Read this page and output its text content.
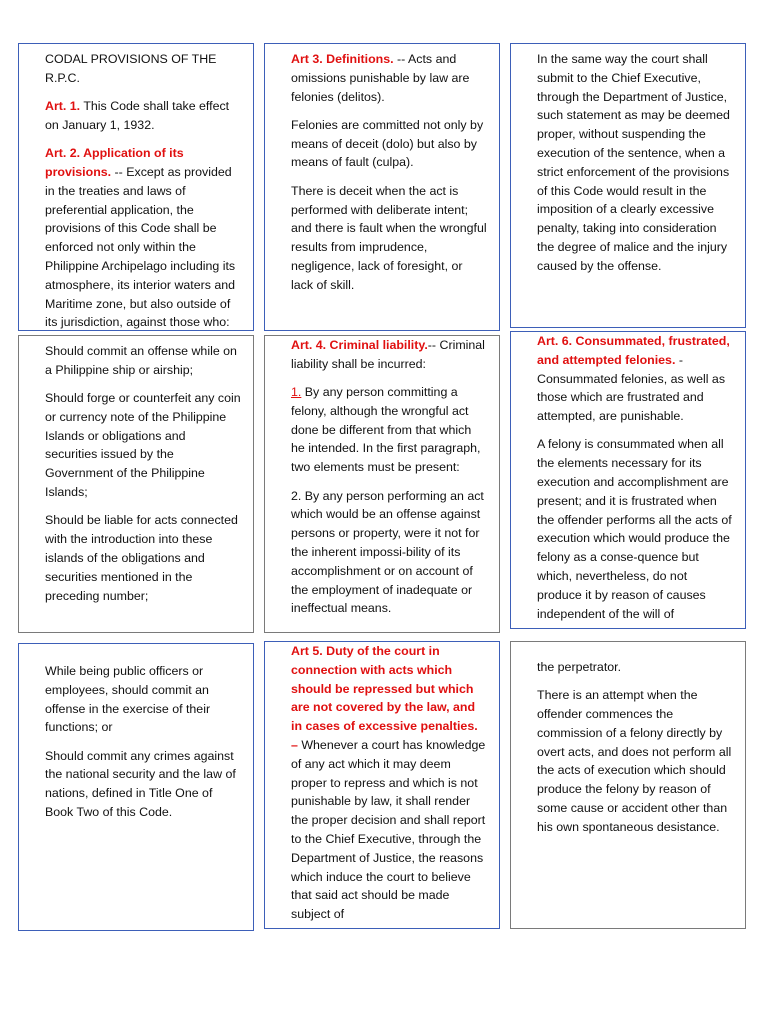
CODAL PROVISIONS OF THE R.P.C.

Art. 1. This Code shall take effect on January 1, 1932.

Art. 2. Application of its provisions. -- Except as provided in the treaties and laws of preferential application, the provisions of this Code shall be enforced not only within the Philippine Archipelago including its atmosphere, its interior waters and Maritime zone, but also outside of its jurisdiction, against those who:

Art 3. Definitions. -- Acts and omissions punishable by law are felonies (delitos).

Felonies are committed not only by means of deceit (dolo) but also by means of fault (culpa).

There is deceit when the act is performed with deliberate intent; and there is fault when the wrongful results from imprudence, negligence, lack of foresight, or lack of skill.

In the same way the court shall submit to the Chief Executive, through the Department of Justice, such statement as may be deemed proper, without suspending the execution of the sentence, when a strict enforcement of the provisions of this Code would result in the imposition of a clearly excessive penalty, taking into consideration the degree of malice and the injury caused by the offense.

Should commit an offense while on a Philippine ship or airship;

Should forge or counterfeit any coin or currency note of the Philippine Islands or obligations and securities issued by the Government of the Philippine Islands;

Should be liable for acts connected with the introduction into these islands of the obligations and securities mentioned in the preceding number;

Art. 4. Criminal liability.-- Criminal liability shall be incurred:

1. By any person committing a felony, although the wrongful act done be different from that which he intended. In the first paragraph, two elements must be present:

2. By any person performing an act which would be an offense against persons or property, were it not for the inherent impossi-bility of its accomplishment or on account of the employment of inadequate or ineffectual means.

Art. 6. Consummated, frustrated, and attempted felonies. - Consummated felonies, as well as those which are frustrated and attempted, are punishable.

A felony is consummated when all the elements necessary for its execution and accomplishment are present; and it is frustrated when the offender performs all the acts of execution which would produce the felony as a conse-quence but which, nevertheless, do not produce it by reason of causes independent of the will of

While being public officers or employees, should commit an offense in the exercise of their functions; or

Should commit any crimes against the national security and the law of nations, defined in Title One of Book Two of this Code.

Art 5. Duty of the court in connection with acts which should be repressed but which are not covered by the law, and in cases of excessive penalties. – Whenever a court has knowledge of any act which it may deem proper to repress and which is not punishable by law, it shall render the proper decision and shall report to the Chief Executive, through the Department of Justice, the reasons which induce the court to believe that said act should be made subject of

the perpetrator.

There is an attempt when the offender commences the commission of a felony directly by overt acts, and does not perform all the acts of execution which should produce the felony by reason of some cause or accident other than his own spontaneous desistance.
